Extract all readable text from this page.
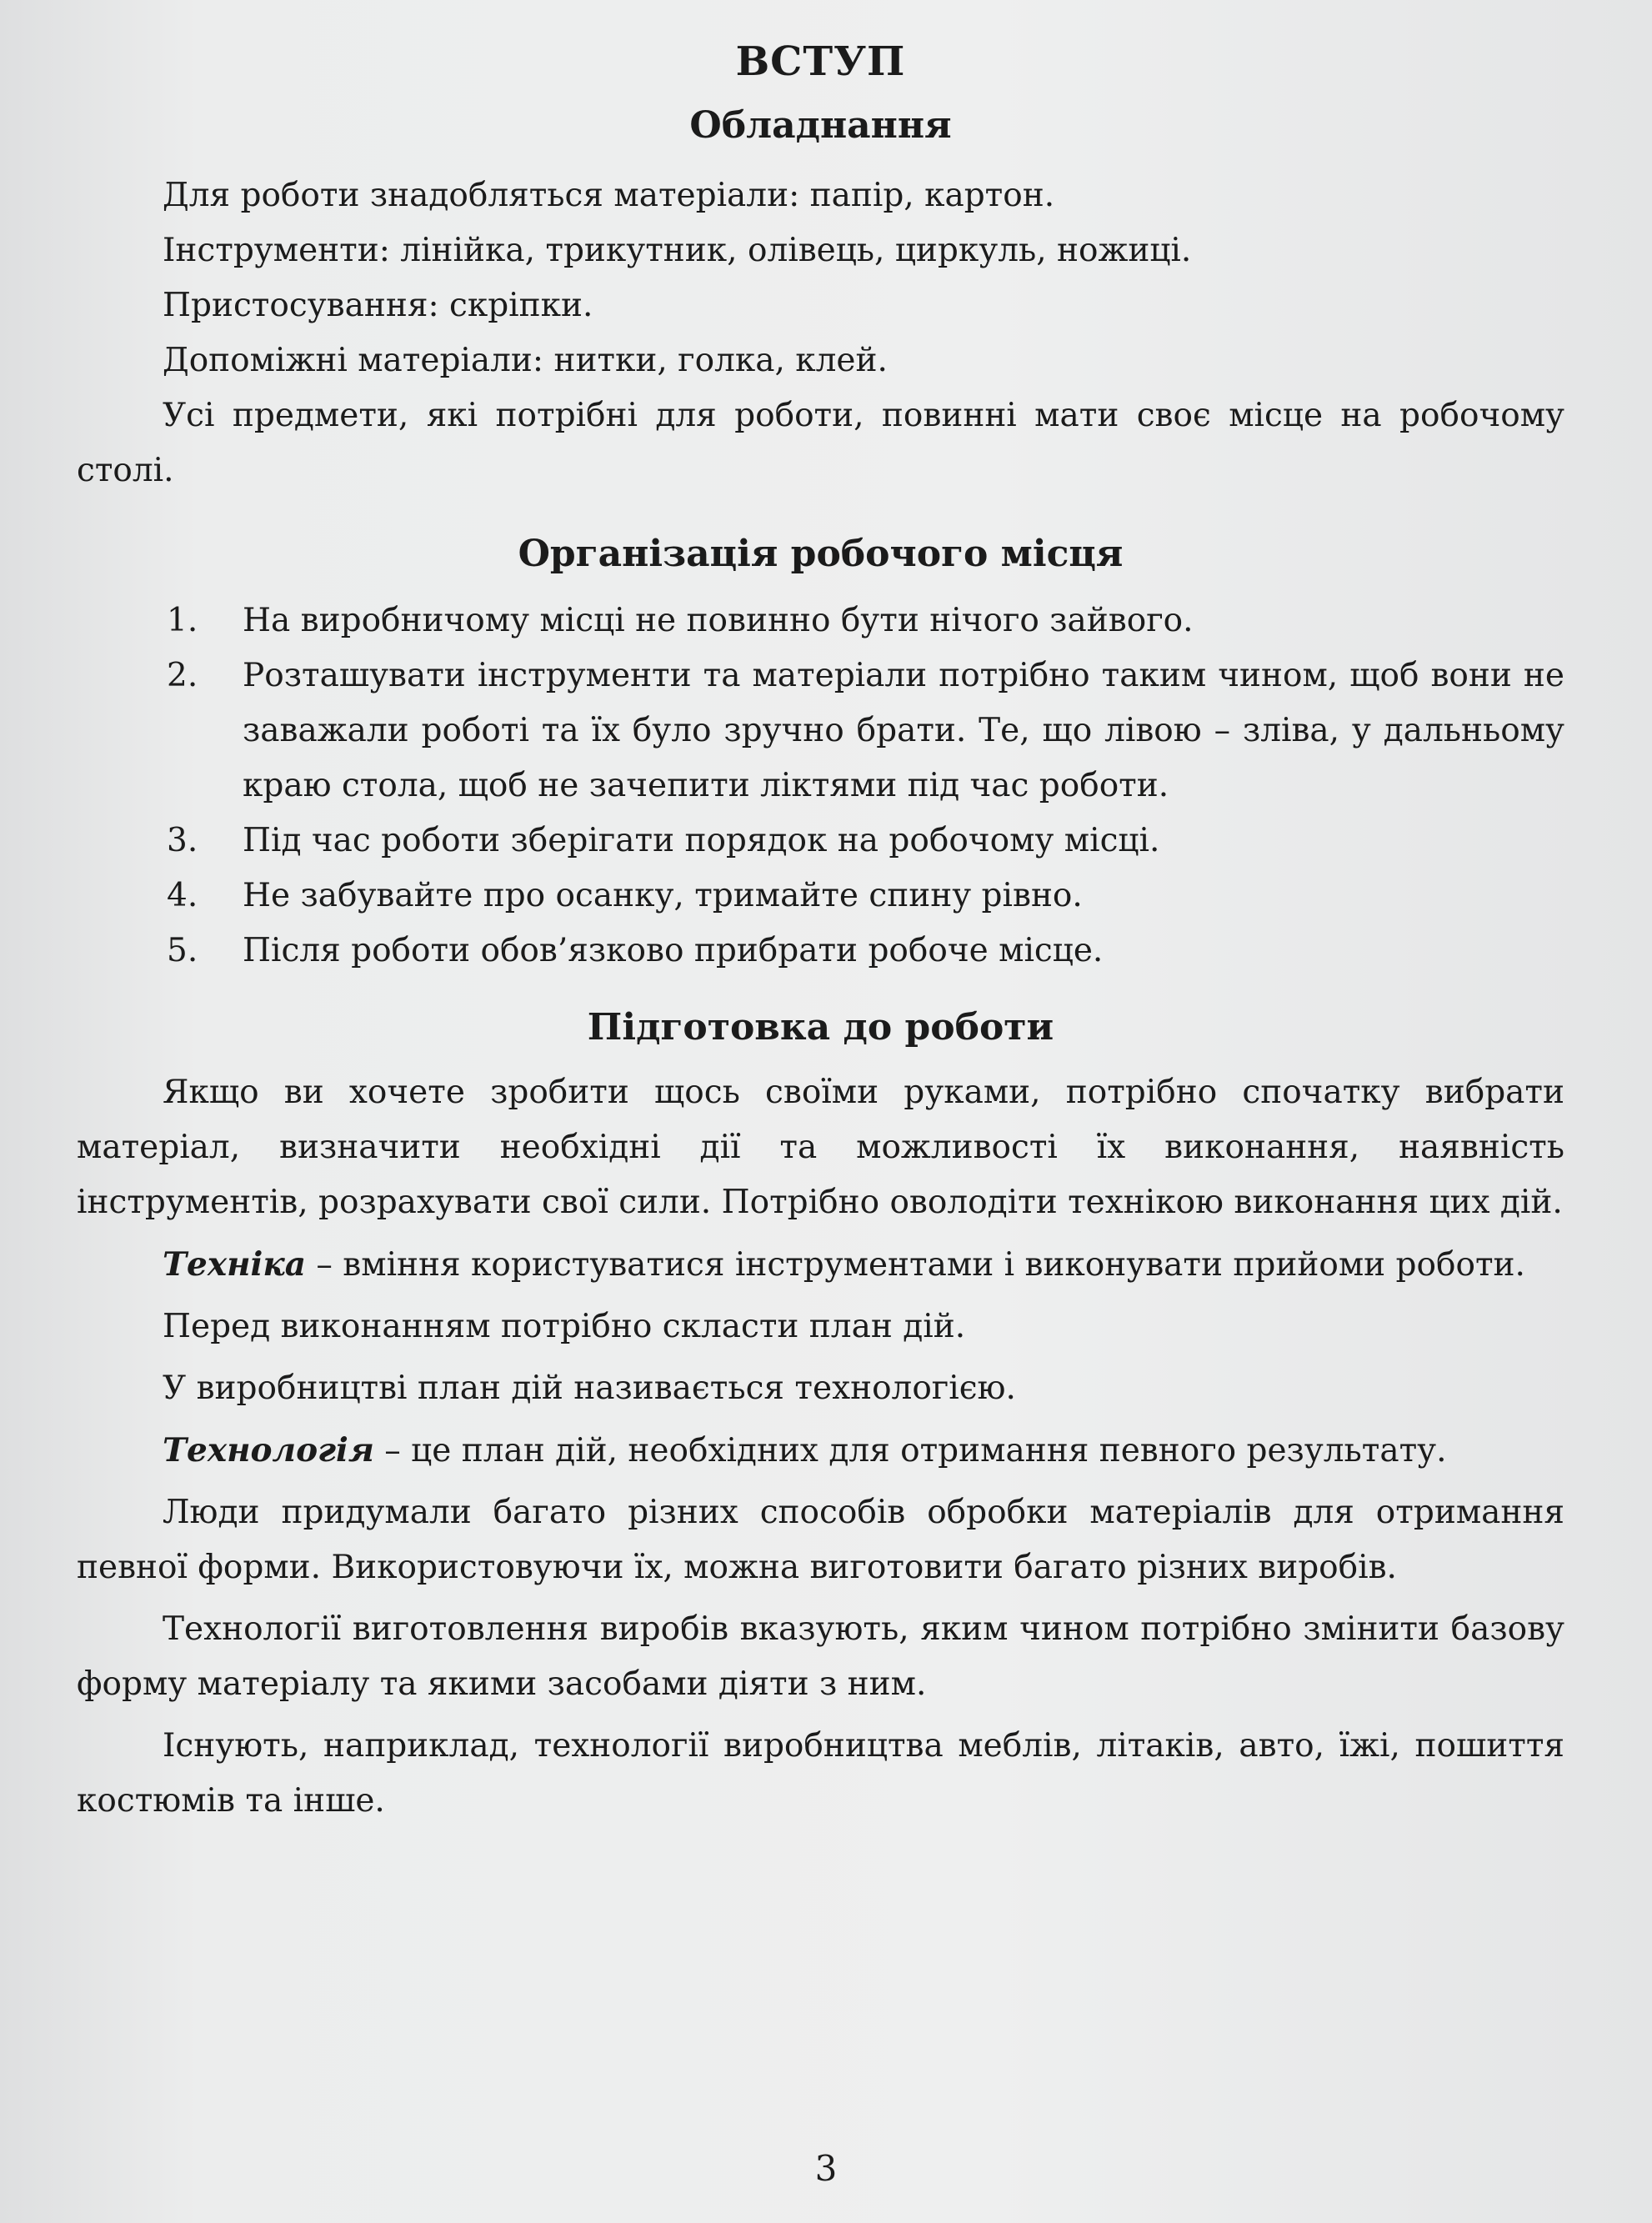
ВСТУП
Обладнання

Для роботи знадобляться матеріали: папір, картон.

Інструменти: лінійка, трикутник, олівець, циркуль, ножиці.

Пристосування: скріпки.

Допоміжні матеріали: нитки, голка, клей.

Усі предмети, які потрібні для роботи, повинні мати своє місце на робочому столі.

Організація робочого місця
1. На виробничому місці не повинно бути нічого зайвого.
2. Розташувати інструменти та матеріали потрібно таким чином, щоб вони не заважали роботі та їх було зручно брати. Те, що лівою – зліва, у дальньому краю стола, щоб не зачепити ліктями під час роботи.
3. Під час роботи зберігати порядок на робочому місці.
4. Не забувайте про осанку, тримайте спину рівно.
5. Після роботи обов’язково прибрати робоче місце.
Підготовка до роботи

Якщо ви хочете зробити щось своїми руками, потрібно спочатку вибрати матеріал, визначити необхідні дії та можливості їх виконання, наявність інструментів, розрахувати свої сили. Потрібно оволодіти технікою виконання цих дій.

Техніка – вміння користуватися інструментами і виконувати прийоми роботи.

Перед виконанням потрібно скласти план дій.

У виробництві план дій називається технологією.

Технологія – це план дій, необхідних для отримання певного результату.

Люди придумали багато різних способів обробки матеріалів для отримання певної форми. Використовуючи їх, можна виготовити багато різних виробів.

Технології виготовлення виробів вказують, яким чином потрібно змінити базову форму матеріалу та якими засобами діяти з ним.

Існують, наприклад, технології виробництва меблів, літаків, авто, їжі, пошиття костюмів та інше.

3
